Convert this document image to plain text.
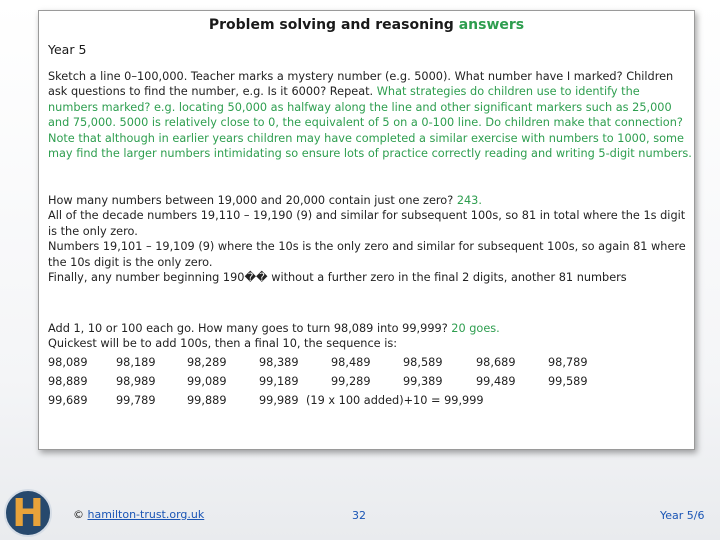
Problem solving and reasoning answers
Year 5
Sketch a line 0–100,000. Teacher marks a mystery number (e.g. 5000). What number have I marked? Children ask questions to find the number, e.g. Is it 6000? Repeat. What strategies do children use to identify the numbers marked? e.g. locating 50,000 as halfway along the line and other significant markers such as 25,000 and 75,000. 5000 is relatively close to 0, the equivalent of 5 on a 0-100 line. Do children make that connection? Note that although in earlier years children may have completed a similar exercise with numbers to 1000, some may find the larger numbers intimidating so ensure lots of practice correctly reading and writing 5-digit numbers.
How many numbers between 19,000 and 20,000 contain just one zero? 243.
All of the decade numbers 19,110 – 19,190 (9) and similar for subsequent 100s, so 81 in total where the 1s digit is the only zero.
Numbers 19,101 – 19,109 (9) where the 10s is the only zero and similar for subsequent 100s, so again 81 where the 10s digit is the only zero.
Finally, any number beginning 190�� without a further zero in the final 2 digits, another 81 numbers
Add 1, 10 or 100 each go. How many goes to turn 98,089 into 99,999? 20 goes.
Quickest will be to add 100s, then a final 10, the sequence is:
98,089	98,189	98,289	98,389	98,489	98,589	98,689	98,789
98,889	98,989	99,089	99,189	99,289	99,389	99,489	99,589
99,689	99,789	99,889	99,989 (19 x 100 added)+10 = 99,999
H	© hamilton-trust.org.uk	32	Year 5/6
